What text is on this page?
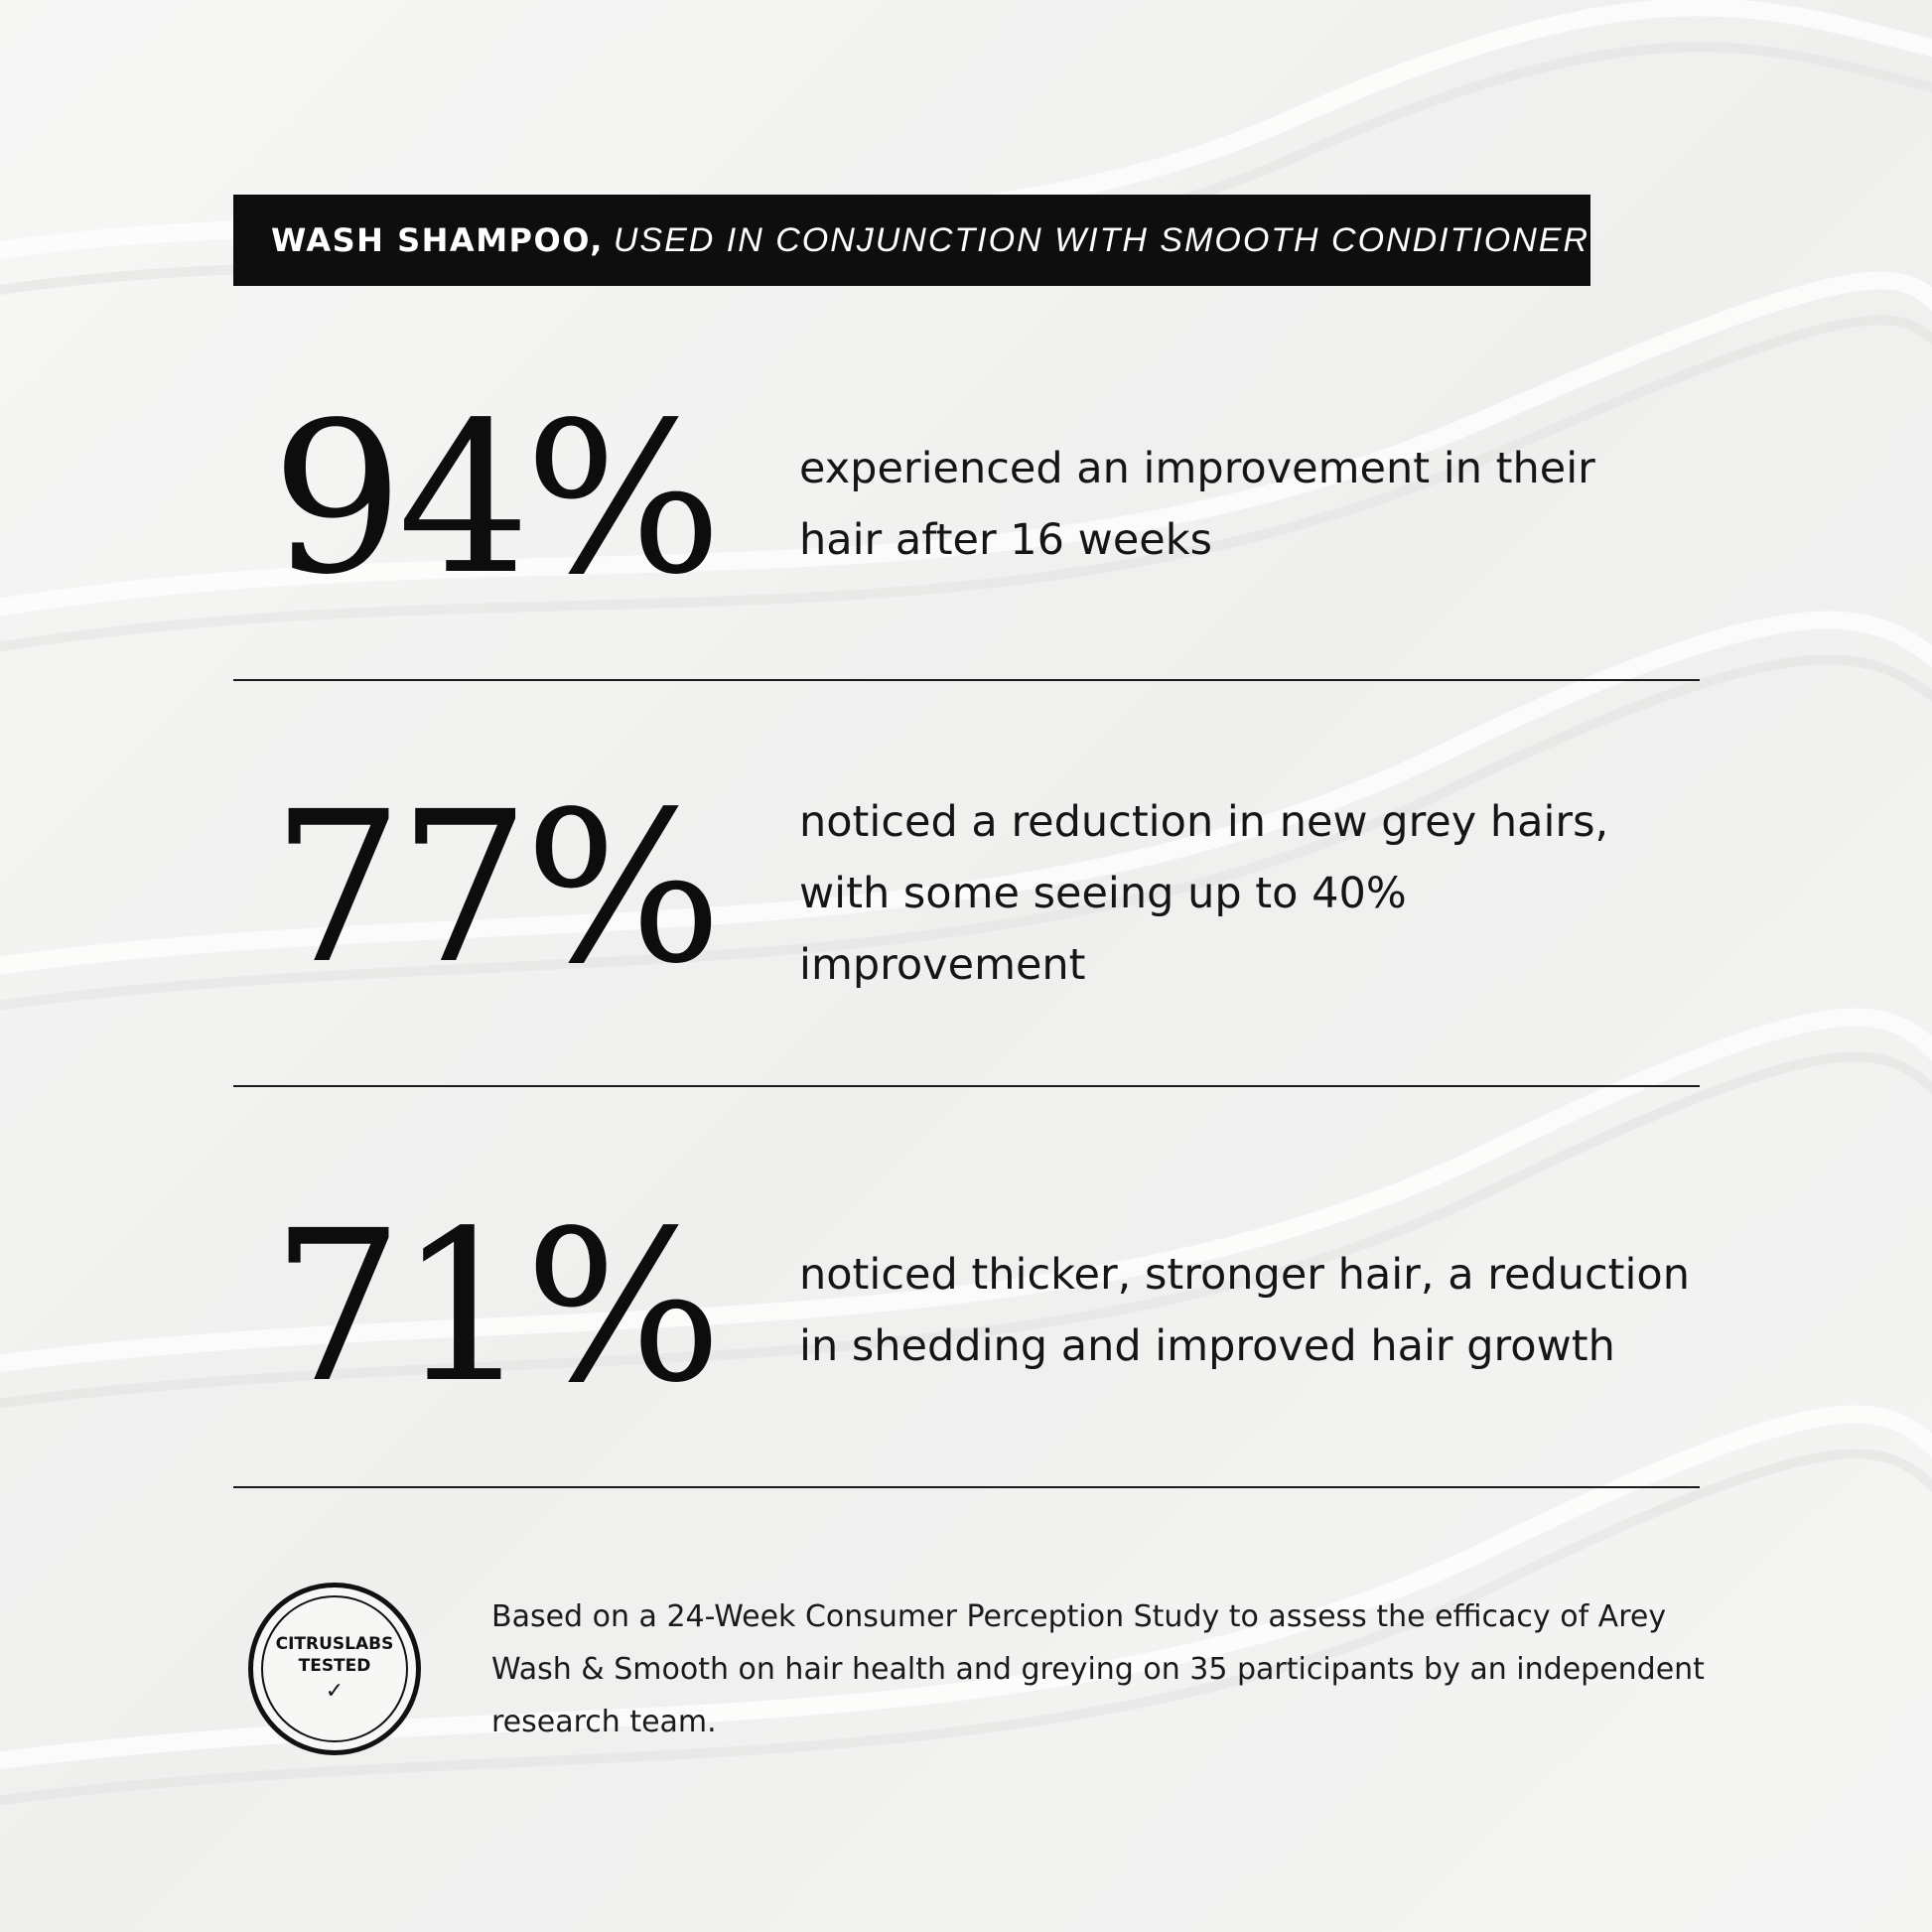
WASH SHAMPOO, USED IN CONJUNCTION WITH SMOOTH CONDITIONER
94% experienced an improvement in their hair after 16 weeks
77% noticed a reduction in new grey hairs, with some seeing up to 40% improvement
71% noticed thicker, stronger hair, a reduction in shedding and improved hair growth
CITRUSLABS
TESTED
✓
Based on a 24-Week Consumer Perception Study to assess the efficacy of Arey Wash & Smooth on hair health and greying on 35 participants by an independent research team.
